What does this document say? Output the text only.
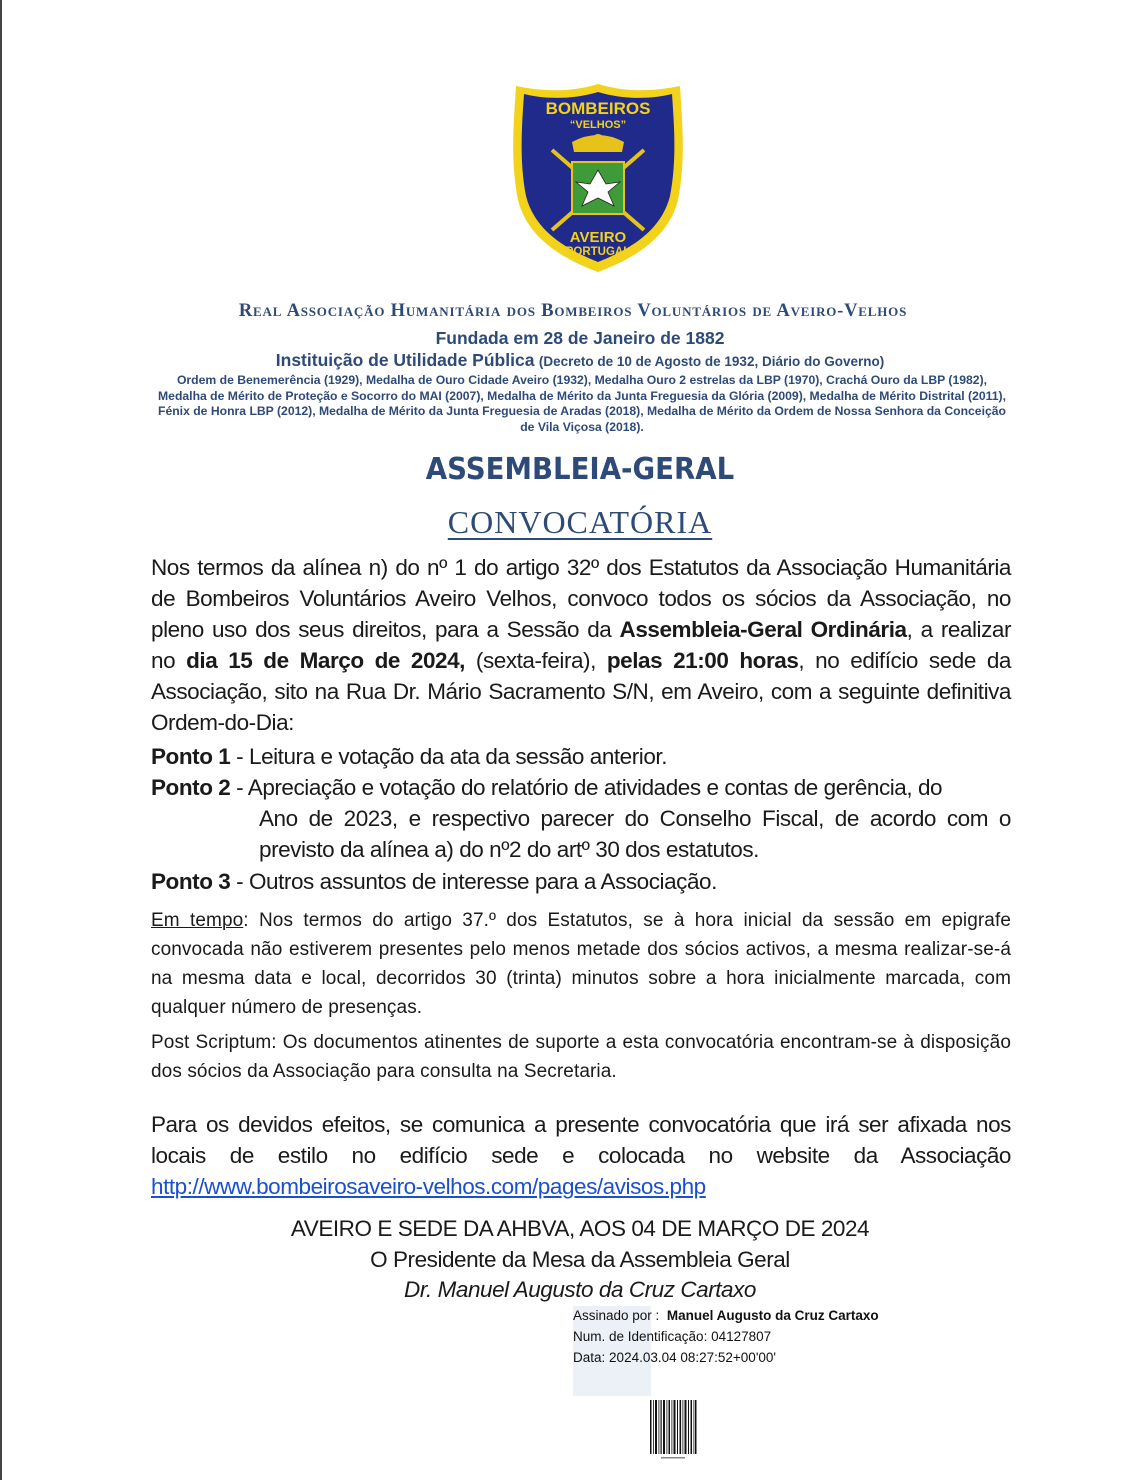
BOMBEIROS
“VELHOS”
AVEIRO
PORTUGAL
Real Associação Humanitária dos Bombeiros Voluntários de Aveiro-Velhos
Fundada em 28 de Janeiro de 1882
Instituição de Utilidade Pública (Decreto de 10 de Agosto de 1932, Diário do Governo)
Ordem de Benemerência (1929), Medalha de Ouro Cidade Aveiro (1932), Medalha Ouro 2 estrelas da LBP (1970), Crachá Ouro da LBP (1982), Medalha de Mérito de Proteção e Socorro do MAI (2007), Medalha de Mérito da Junta Freguesia da Glória (2009), Medalha de Mérito Distrital (2011), Fénix de Honra LBP (2012), Medalha de Mérito da Junta Freguesia de Aradas (2018), Medalha de Mérito da Ordem de Nossa Senhora da Conceição de Vila Viçosa (2018).
ASSEMBLEIA-GERAL
CONVOCATÓRIA
Nos termos da alínea n) do nº 1 do artigo 32º dos Estatutos da Associação Humanitária de Bombeiros Voluntários Aveiro Velhos, convoco todos os sócios da Associação, no pleno uso dos seus direitos, para a Sessão da Assembleia-Geral Ordinária, a realizar no dia 15 de Março de 2024, (sexta-feira), pelas 21:00 horas, no edifício sede da Associação, sito na Rua Dr. Mário Sacramento S/N, em Aveiro, com a seguinte definitiva Ordem-do-Dia:
Ponto 1 - Leitura e votação da ata da sessão anterior.
Ponto 2 - Apreciação e votação do relatório de atividades e contas de gerência, do
Ano de 2023, e respectivo parecer do Conselho Fiscal, de acordo com o previsto da alínea a) do nº2 do artº 30 dos estatutos.
Ponto 3 - Outros assuntos de interesse para a Associação.
Em tempo: Nos termos do artigo 37.º dos Estatutos, se à hora inicial da sessão em epigrafe convocada não estiverem presentes pelo menos metade dos sócios activos, a mesma realizar-se-á na mesma data e local, decorridos 30 (trinta) minutos sobre a hora inicialmente marcada, com qualquer número de presenças.
Post Scriptum: Os documentos atinentes de suporte a esta convocatória encontram-se à disposição dos sócios da Associação para consulta na Secretaria.
Para os devidos efeitos, se comunica a presente convocatória que irá ser afixada nos locais de estilo no edifício sede e colocada no website da Associação http://www.bombeirosaveiro-velhos.com/pages/avisos.php
AVEIRO E SEDE DA AHBVA, AOS 04 DE MARÇO DE 2024
O Presidente da Mesa da Assembleia Geral
Dr. Manuel Augusto da Cruz Cartaxo
Assinado por : Manuel Augusto da Cruz Cartaxo
Num. de Identificação: 04127807
Data: 2024.03.04 08:27:52+00'00'
